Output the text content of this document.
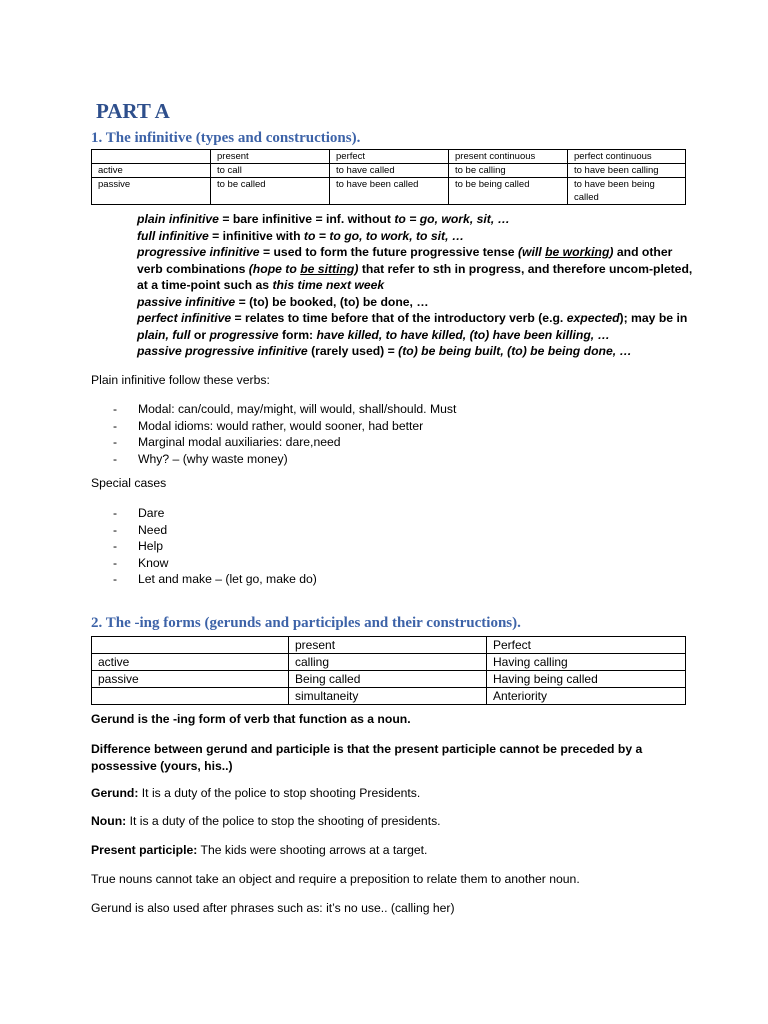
PART A
1. The infinitive (types and constructions).
	present	perfect	present continuous	perfect continuous
active	to call	to have called	to be calling	to have been calling
passive	to be called	to have been called	to be being called	to have been being called

plain infinitive = bare infinitive = inf. without to = go, work, sit, …

full infinitive = infinitive with to = to go, to work, to sit, …

progressive infinitive = used to form the future progressive tense (will be working) and other verb combinations (hope to be sitting) that refer to sth in progress, and therefore uncom-pleted, at a time-point such as this time next week

passive infinitive = (to) be booked, (to) be done, …

perfect infinitive = relates to time before that of the introductory verb (e.g. expected); may be in plain, full or progressive form: have killed, to have killed, (to) have been killing, …

passive progressive infinitive (rarely used) = (to) be being built, (to) be being done, …

Plain infinitive follow these verbs:

- Modal: can/could, may/might, will would, shall/should. Must
- Modal idioms: would rather, would sooner, had better
- Marginal modal auxiliaries: dare,need
- Why? – (why waste money)

Special cases

- Dare
- Need
- Help
- Know
- Let and make – (let go, make do)
2. The -ing forms (gerunds and participles and their constructions).
	present	Perfect
active	calling	Having calling
passive	Being called	Having being called
	simultaneity	Anteriority

Gerund is the -ing form of verb that function as a noun.

Difference between gerund and participle is that the present participle cannot be preceded by a possessive (yours, his..)

Gerund: It is a duty of the police to stop shooting Presidents.

Noun: It is a duty of the police to stop the shooting of presidents.

Present participle: The kids were shooting arrows at a target.

True nouns cannot take an object and require a preposition to relate them to another noun.

Gerund is also used after phrases such as: it’s no use.. (calling her)
